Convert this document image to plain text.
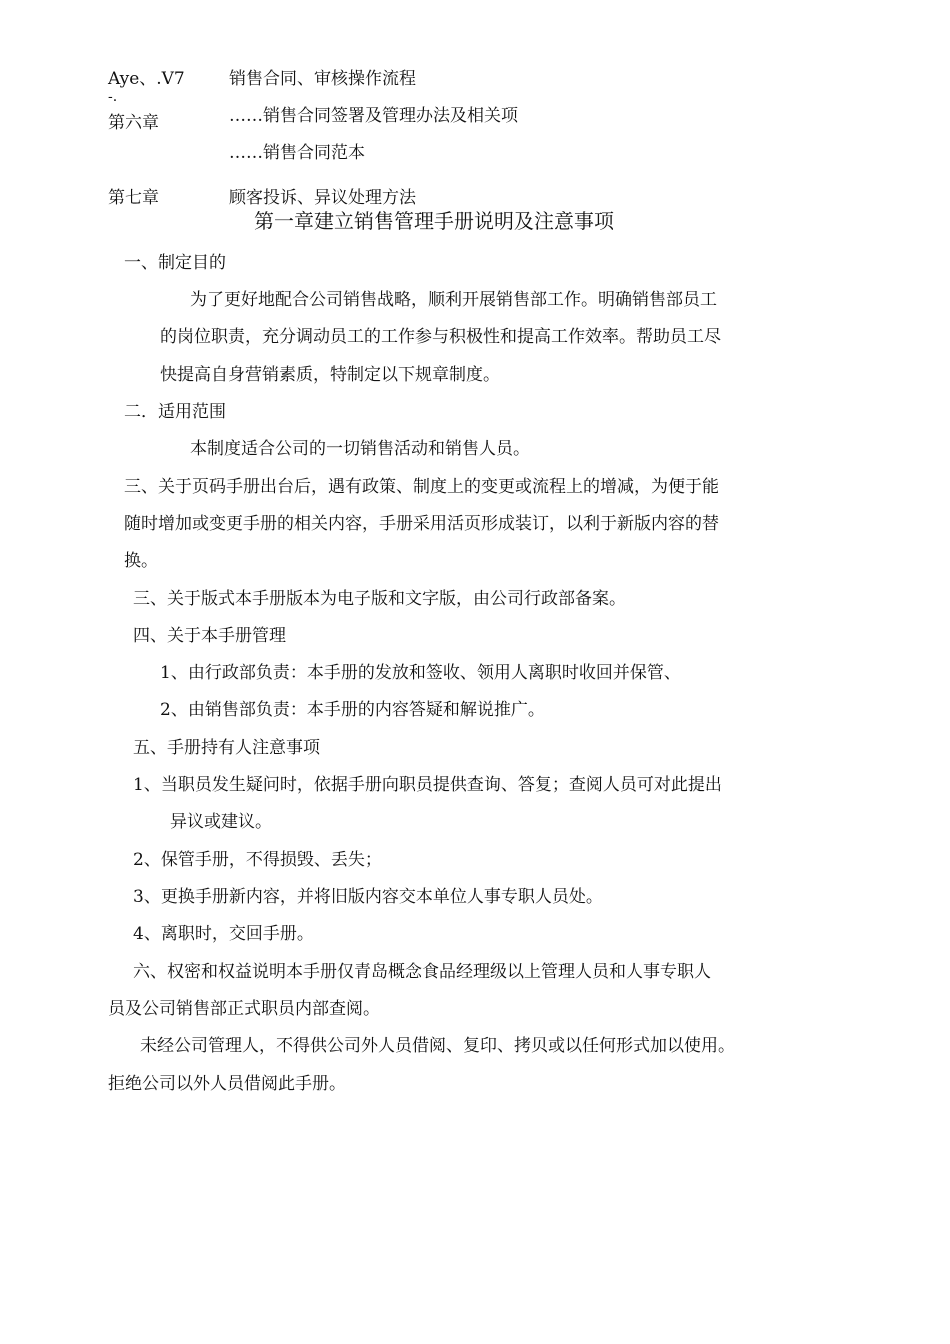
Aye、.V7	销售合同、审核操作流程
-.
第六章	……销售合同签署及管理办法及相关项
……销售合同范本
第七章	顾客投诉、异议处理方法
第一章建立销售管理手册说明及注意事项
一、制定目的
为了更好地配合公司销售战略，顺利开展销售部工作。明确销售部员工
的岗位职责，充分调动员工的工作参与积极性和提高工作效率。帮助员工尽
快提高自身营销素质，特制定以下规章制度。
二．适用范围
本制度适合公司的一切销售活动和销售人员。
三、关于页码手册出台后，遇有政策、制度上的变更或流程上的增减，为便于能
随时增加或变更手册的相关内容，手册采用活页形成装订，以利于新版内容的替
换。
三、关于版式本手册版本为电子版和文字版，由公司行政部备案。
四、关于本手册管理
1、由行政部负责：本手册的发放和签收、领用人离职时收回并保管、
2、由销售部负责：本手册的内容答疑和解说推广。
五、手册持有人注意事项
1、当职员发生疑问时，依据手册向职员提供查询、答复；查阅人员可对此提出
异议或建议。
2、保管手册，不得损毁、丢失；
3、更换手册新内容，并将旧版内容交本单位人事专职人员处。
4、离职时，交回手册。
六、权密和权益说明本手册仅青岛概念食品经理级以上管理人员和人事专职人
员及公司销售部正式职员内部查阅。
未经公司管理人，不得供公司外人员借阅、复印、拷贝或以任何形式加以使用。
拒绝公司以外人员借阅此手册。
